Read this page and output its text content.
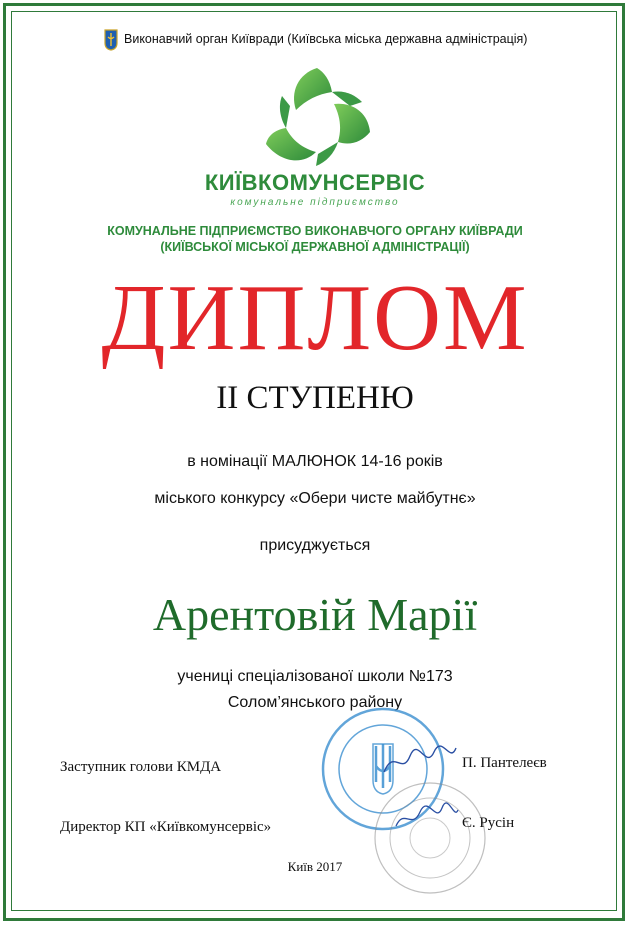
Виконавчий орган Київради (Київська міська державна адміністрація)
КИЇВКОМУНСЕРВІС
комунальне підприємство
КОМУНАЛЬНЕ ПІДПРИЄМСТВО ВИКОНАВЧОГО ОРГАНУ КИЇВРАДИ
(КИЇВСЬКОЇ МІСЬКОЇ ДЕРЖАВНОЇ АДМІНІСТРАЦІЇ)
ДИПЛОМ
ІІ СТУПЕНЮ
в номінації МАЛЮНОК 14-16 років
міського конкурсу «Обери чисте майбутнє»
присуджується
Арентовій Марії
учениці спеціалізованої школи №173
Солом’янського району
Заступник голови КМДА	П. Пантелеєв
Директор КП «Київкомунсервіс»	Є. Русін
Київ 2017
